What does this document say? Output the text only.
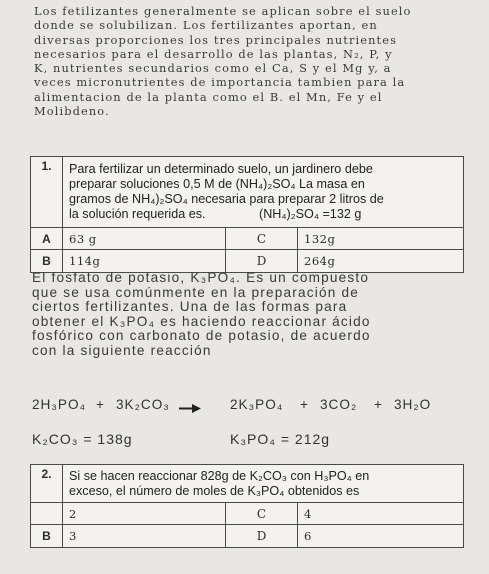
Los fetilizantes generalmente se aplican sobre el suelo
donde se solubilizan. Los fertilizantes aportan, en
diversas proporciones los tres principales nutrientes
necesarios para el desarrollo de las plantas, N₂, P, y
K, nutrientes secundarios como el Ca, S y el Mg y, a
veces micronutrientes de importancia tambien para la
alimentacion de la planta como el B. el Mn, Fe y el
Molibdeno.

1.	Para fertilizar un determinado suelo, un jardinero debe
preparar soluciones 0,5 M de (NH₄)₂SO₄ La masa en
gramos de NH₄)₂SO₄ necesaria para preparar 2 litros de
la solución requerida es. (NH₄)₂SO₄ =132 g		
A	63 g	C	132g
B	114g	D	264g

El fosfato de potasio, K₃PO₄. Es un compuesto
que se usa comúnmente en la preparación de
ciertos fertilizantes. Una de las formas para
obtener el K₃PO₄ es haciendo reaccionar ácido
fosfórico con carbonato de potasio, de acuerdo
con la siguiente reacción

2H₃PO₄ + 3K₂CO₃ → 2K₃PO₄ + 3CO₂ + 3H₂O
K₂CO₃ = 138g	K₃PO₄ = 212g
2.	Si se hacen reaccionar 828g de K₂CO₃ con H₃PO₄ en
exceso, el número de moles de K₃PO₄ obtenidos es		
	2	C	4
B	3	D	6
